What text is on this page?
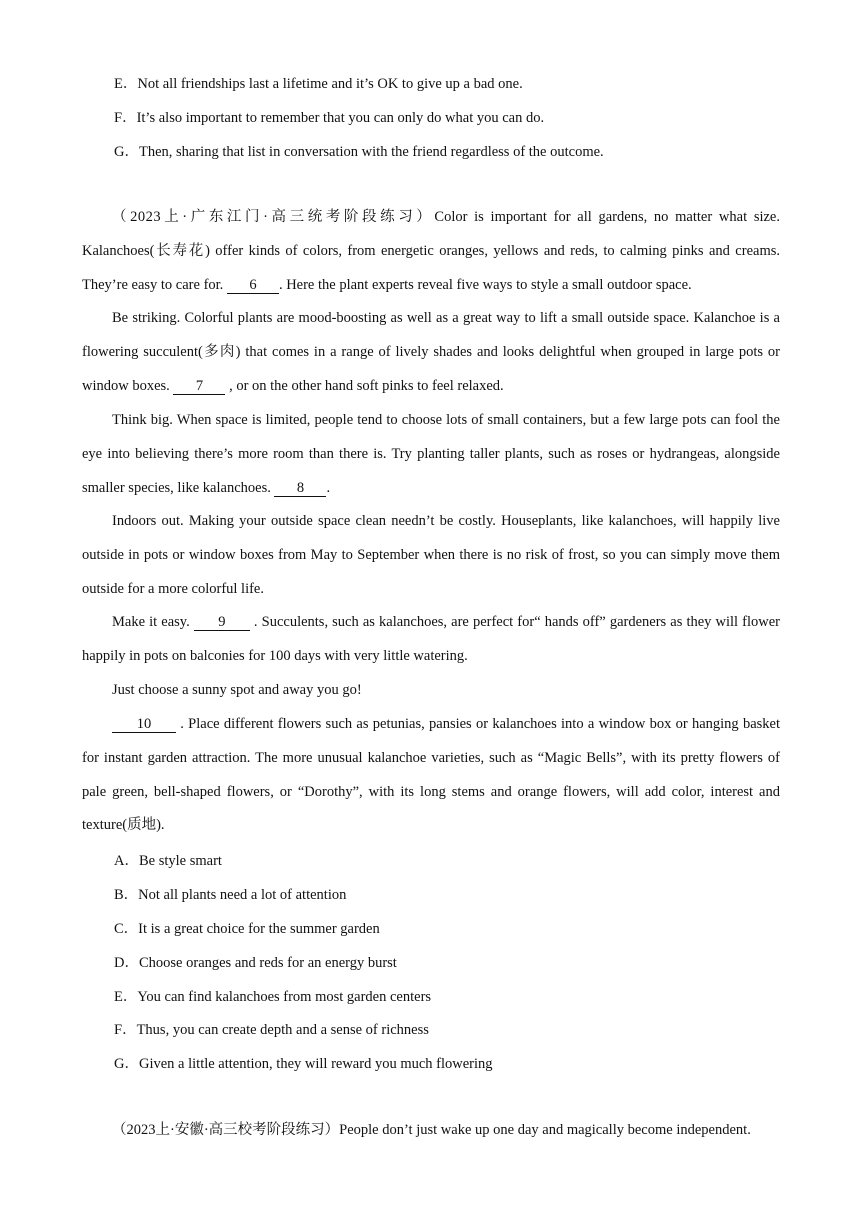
E．Not all friendships last a lifetime and it’s OK to give up a bad one.

F．It’s also important to remember that you can only do what you can do.

G．Then, sharing that list in conversation with the friend regardless of the outcome.

（2023上·广东江门·高三统考阶段练习）Color is important for all gardens, no matter what size. Kalanchoes(长寿花) offer kinds of colors, from energetic oranges, yellows and reds, to calming pinks and creams. They’re easy to care for. 6 . Here the plant experts reveal five ways to style a small outdoor space.

Be striking. Colorful plants are mood-boosting as well as a great way to lift a small outside space. Kalanchoe is a flowering succulent(多肉) that comes in a range of lively shades and looks delightful when grouped in large pots or window boxes. 7 , or on the other hand soft pinks to feel relaxed.

Think big. When space is limited, people tend to choose lots of small containers, but a few large pots can fool the eye into believing there’s more room than there is. Try planting taller plants, such as roses or hydrangeas, alongside smaller species, like kalanchoes. 8 .

Indoors out. Making your outside space clean needn’t be costly. Houseplants, like kalanchoes, will happily live outside in pots or window boxes from May to September when there is no risk of frost, so you can simply move them outside for a more colorful life.

Make it easy. 9 . Succulents, such as kalanchoes, are perfect for“ hands off” gardeners as they will flower happily in pots on balconies for 100 days with very little watering.

Just choose a sunny spot and away you go!

10 . Place different flowers such as petunias, pansies or kalanchoes into a window box or hanging basket for instant garden attraction. The more unusual kalanchoe varieties, such as “Magic Bells”, with its pretty flowers of pale green, bell-shaped flowers, or “Dorothy”, with its long stems and orange flowers, will add color, interest and texture(质地).

A．Be style smart

B．Not all plants need a lot of attention

C．It is a great choice for the summer garden

D．Choose oranges and reds for an energy burst

E．You can find kalanchoes from most garden centers

F．Thus, you can create depth and a sense of richness

G．Given a little attention, they will reward you much flowering

（2023上·安徽·高三校考阶段练习）People don’t just wake up one day and magically become independent.
